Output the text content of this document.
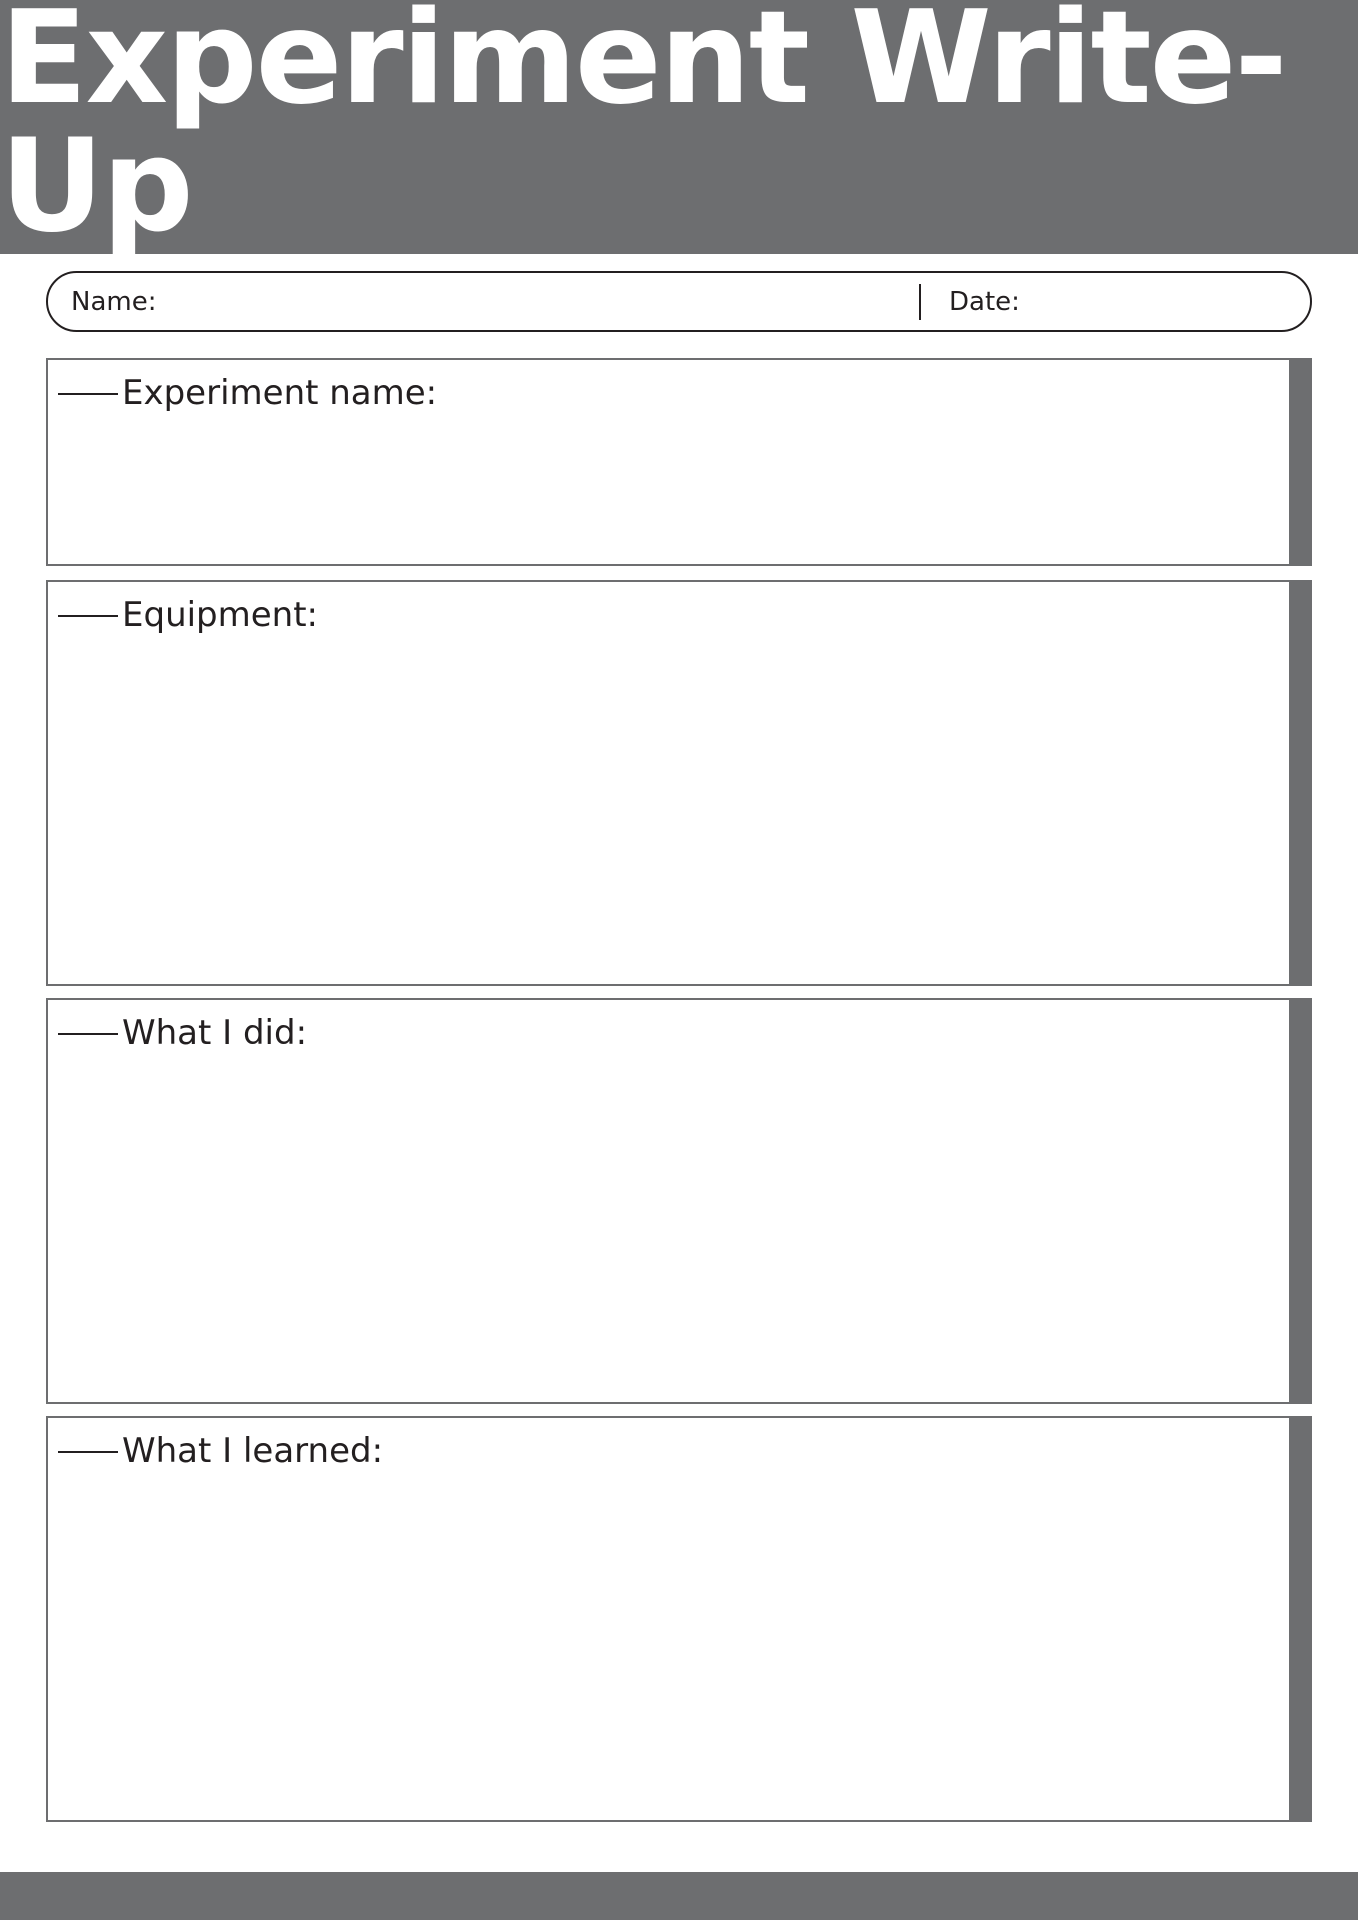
Experiment Write-Up
Name:	Date:
Experiment name:
Equipment:
What I did:
What I learned:
